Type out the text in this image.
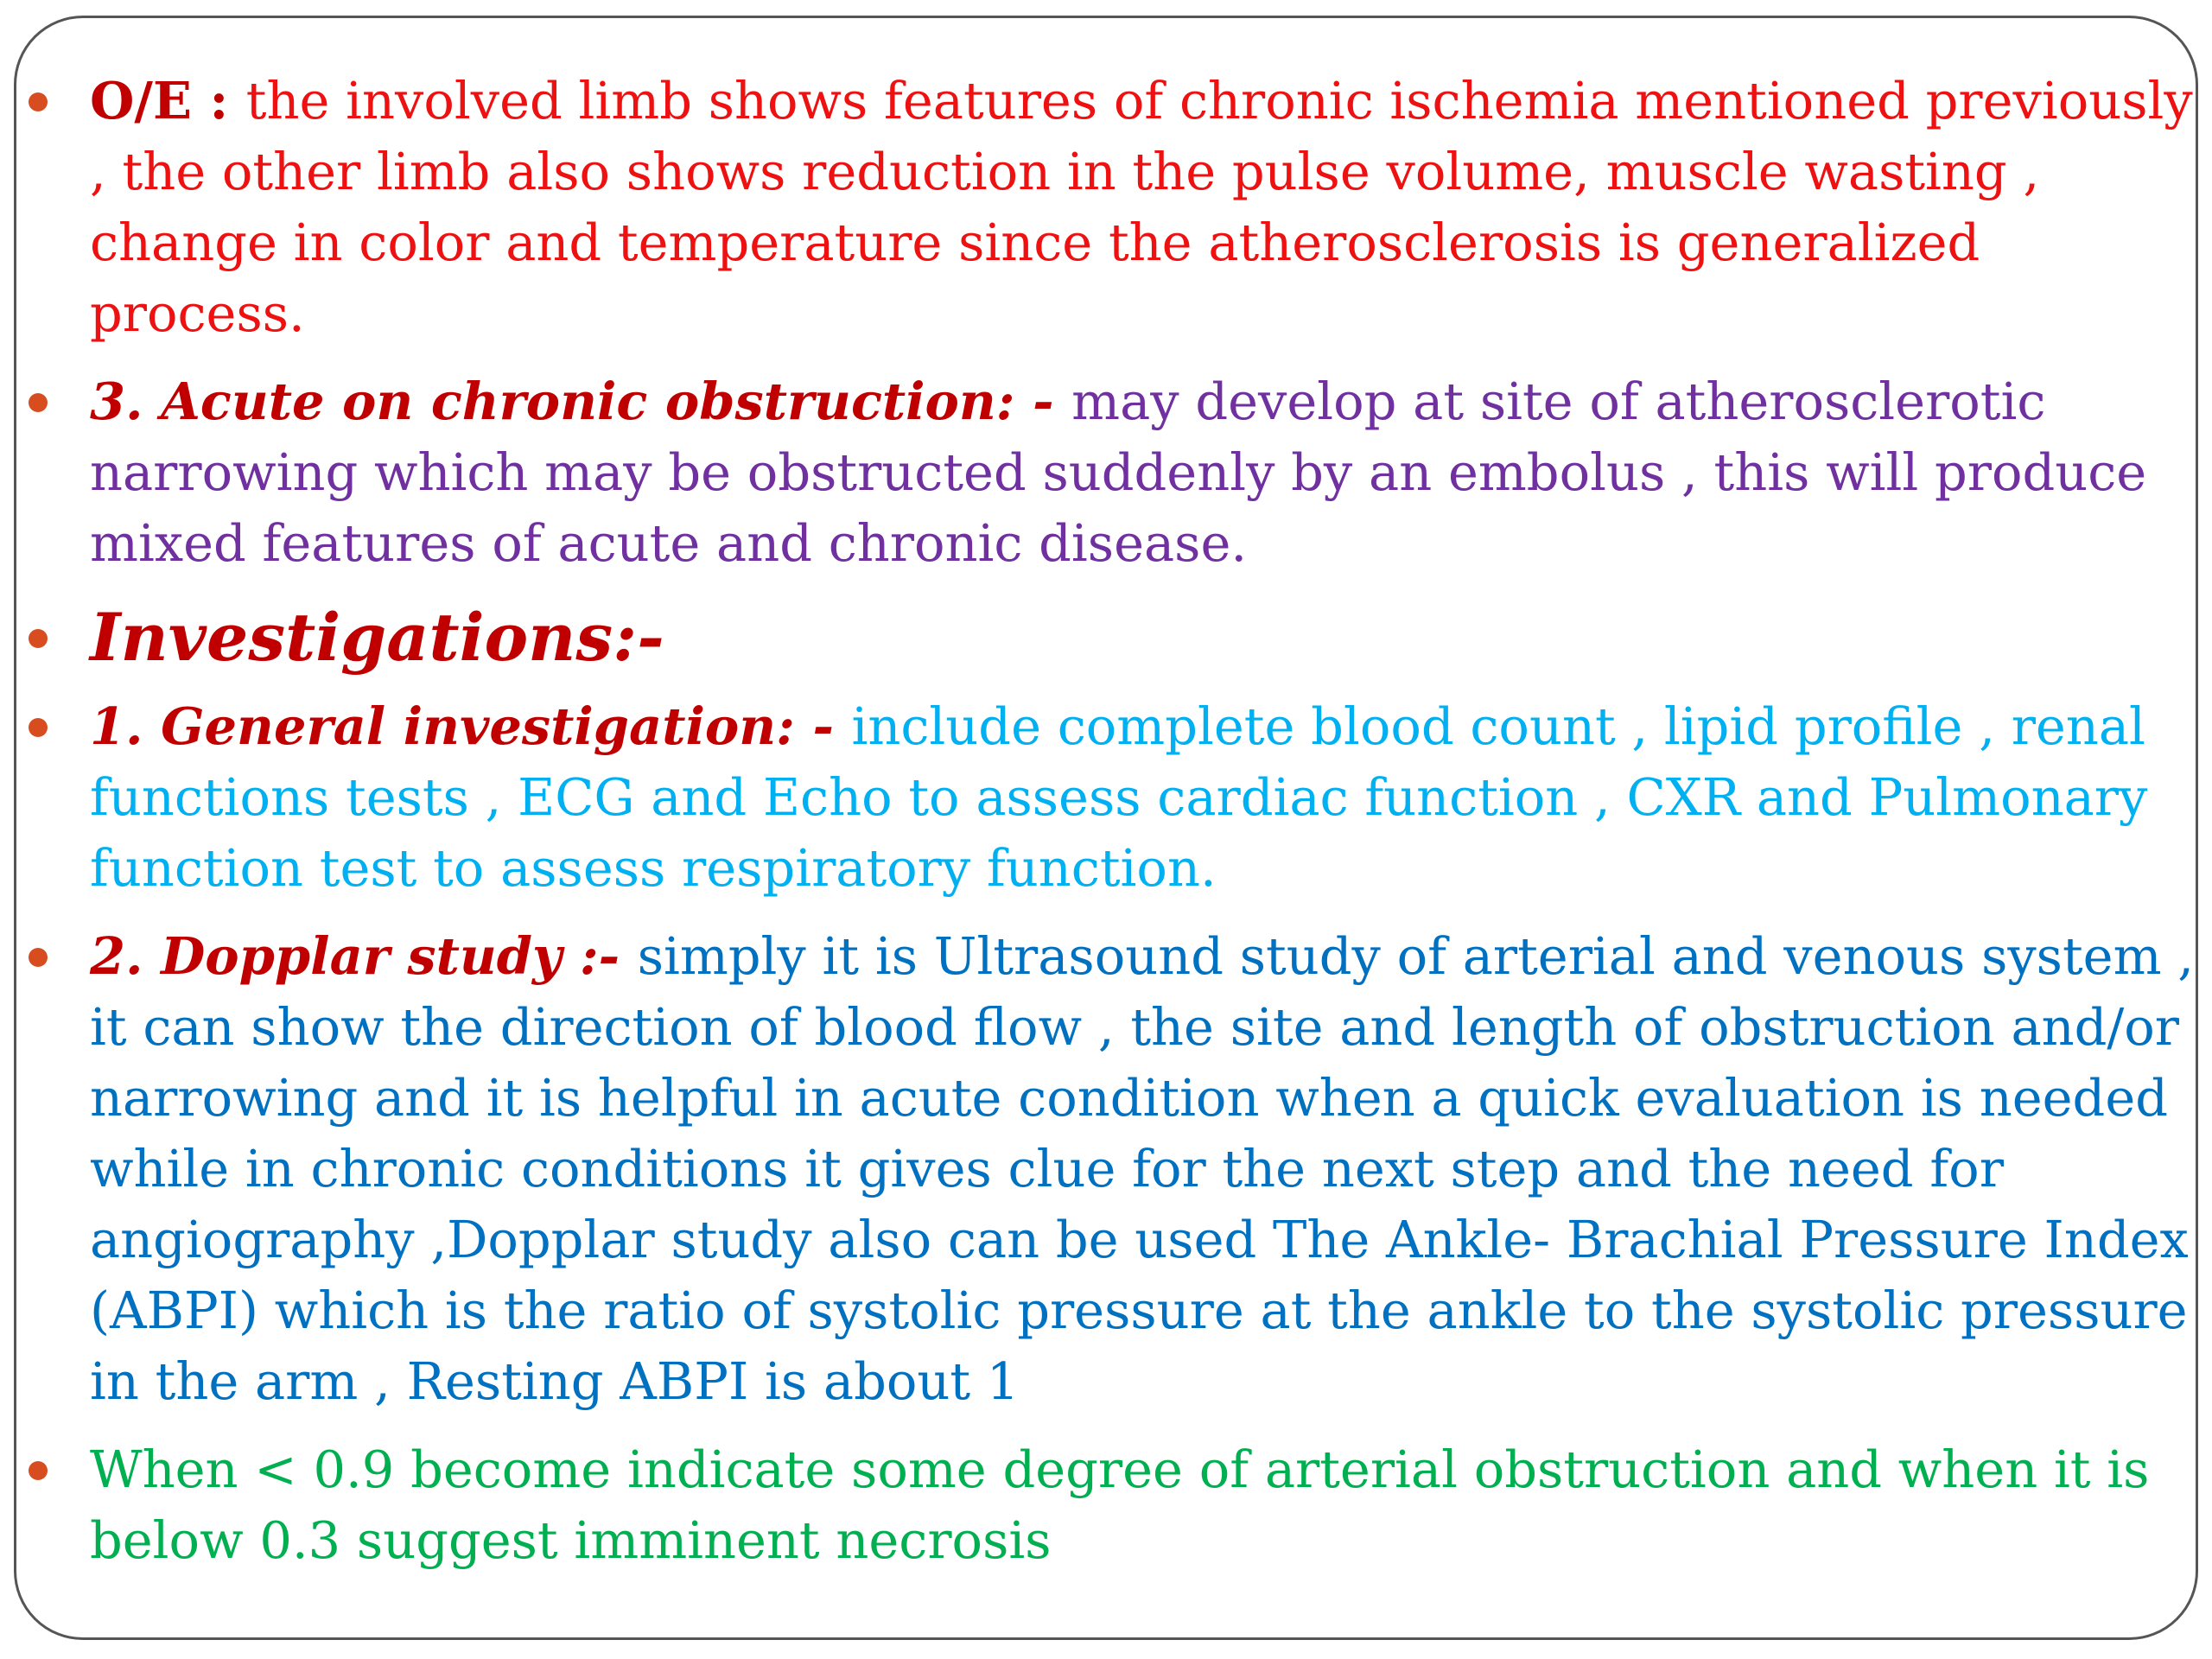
O/E : the involved limb shows features of chronic ischemia mentioned previously , the other limb also shows reduction in the pulse volume, muscle wasting , change in color and temperature since the atherosclerosis is generalized process.
3. Acute on chronic obstruction: - may develop at site of atherosclerotic narrowing which may be obstructed suddenly by an embolus , this will produce mixed features of acute and chronic disease.
Investigations:-
1. General investigation: - include complete blood count , lipid profile , renal functions tests , ECG and Echo to assess cardiac function , CXR and Pulmonary function test to assess respiratory function.
2. Dopplar study :- simply it is Ultrasound study of arterial and venous system , it can show the direction of blood flow , the site and length of obstruction and/or narrowing and it is helpful in acute condition when a quick evaluation is needed while in chronic conditions it gives clue for the next step and the need for angiography ,Dopplar study also can be used The Ankle- Brachial Pressure Index (ABPI) which is the ratio of systolic pressure at the ankle to the systolic pressure in the arm , Resting ABPI is about 1
When < 0.9 become indicate some degree of arterial obstruction and when it is below 0.3 suggest imminent necrosis
